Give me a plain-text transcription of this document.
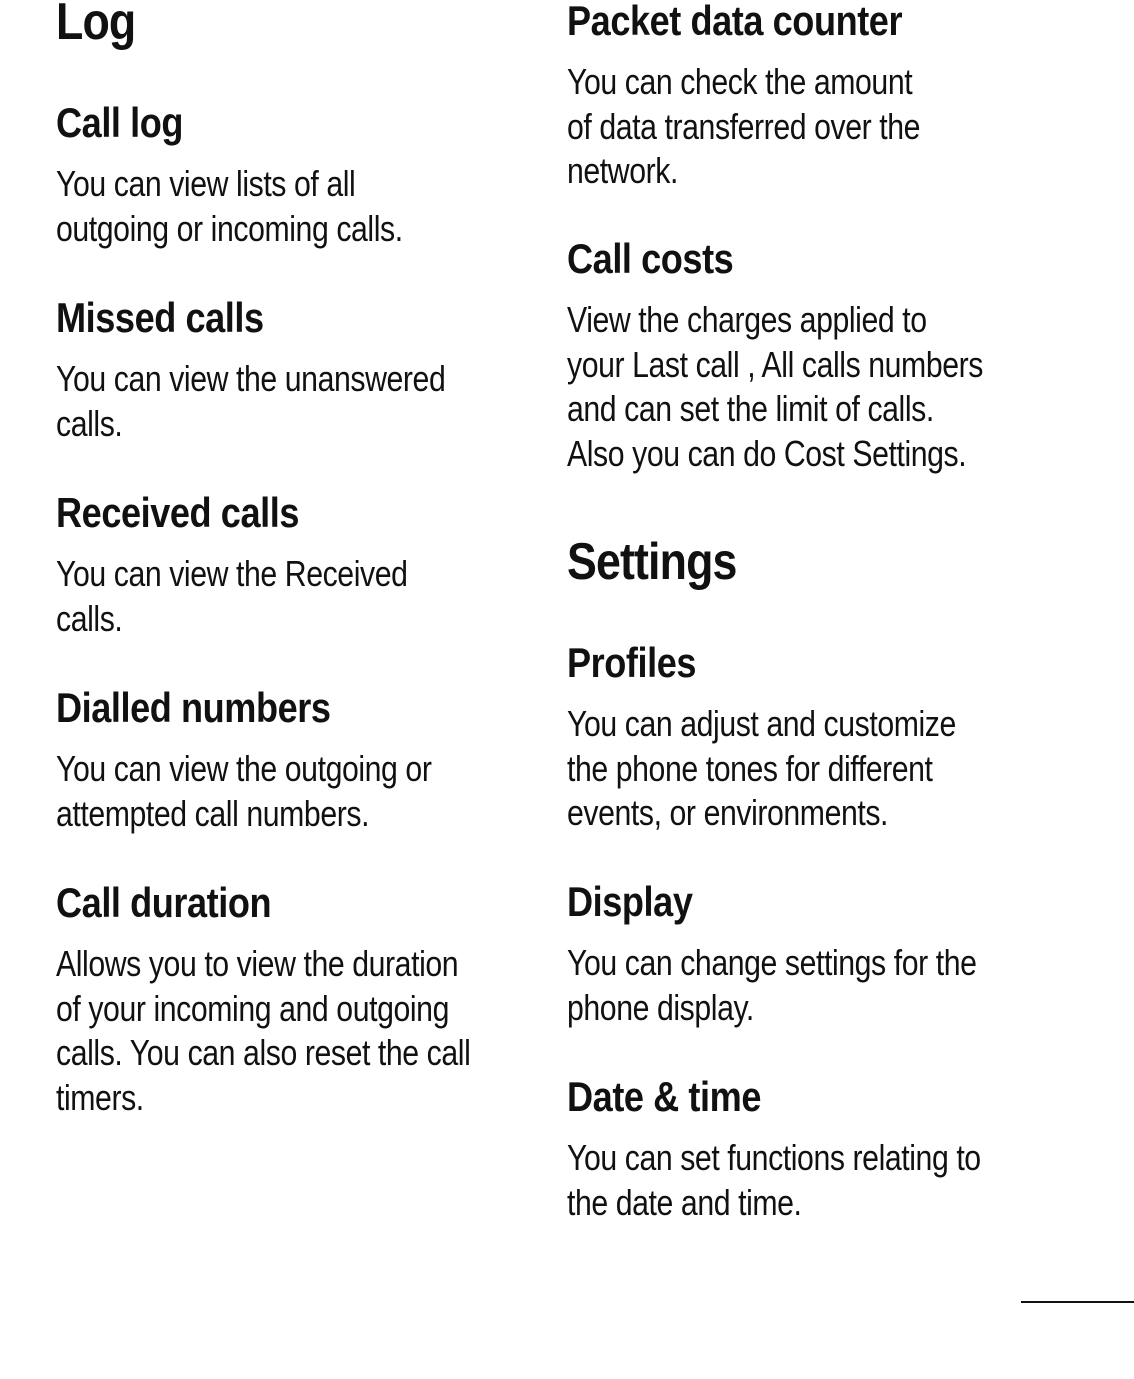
Log
Call log

You can view lists of all
outgoing or incoming calls.

Missed calls

You can view the unanswered
calls.

Received calls

You can view the Received
calls.

Dialled numbers

You can view the outgoing or
attempted call numbers.

Call duration

Allows you to view the duration
of your incoming and outgoing
calls. You can also reset the call
timers.

Packet data counter

You can check the amount
of data transferred over the
network.

Call costs

View the charges applied to
your Last call , All calls numbers
and can set the limit of calls.
Also you can do Cost Settings.

Settings
Profiles

You can adjust and customize
the phone tones for different
events, or environments.

Display

You can change settings for the
phone display.

Date & time

You can set functions relating to
the date and time.
